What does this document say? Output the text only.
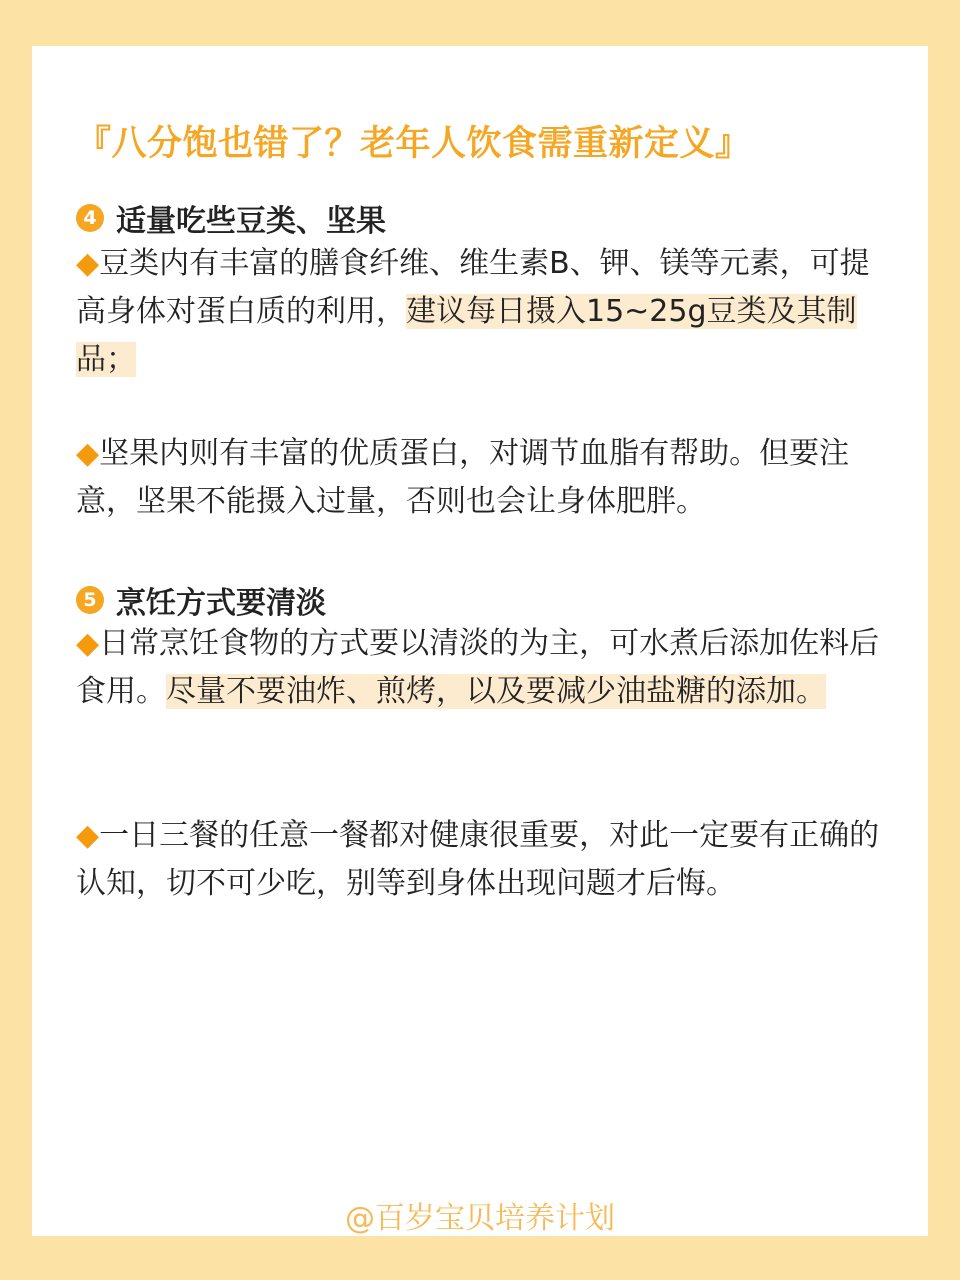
『八分饱也错了？老年人饮食需重新定义』
4 适量吃些豆类、坚果

◆豆类内有丰富的膳食纤维、维生素B、钾、镁等元素，可提高身体对蛋白质的利用，建议每日摄入15~25g豆类及其制品；

◆坚果内则有丰富的优质蛋白，对调节血脂有帮助。但要注意，坚果不能摄入过量，否则也会让身体肥胖。

5 烹饪方式要清淡

◆日常烹饪食物的方式要以清淡的为主，可水煮后添加佐料后食用。尽量不要油炸、煎烤，以及要减少油盐糖的添加。

◆一日三餐的任意一餐都对健康很重要，对此一定要有正确的认知，切不可少吃，别等到身体出现问题才后悔。

@百岁宝贝培养计划
